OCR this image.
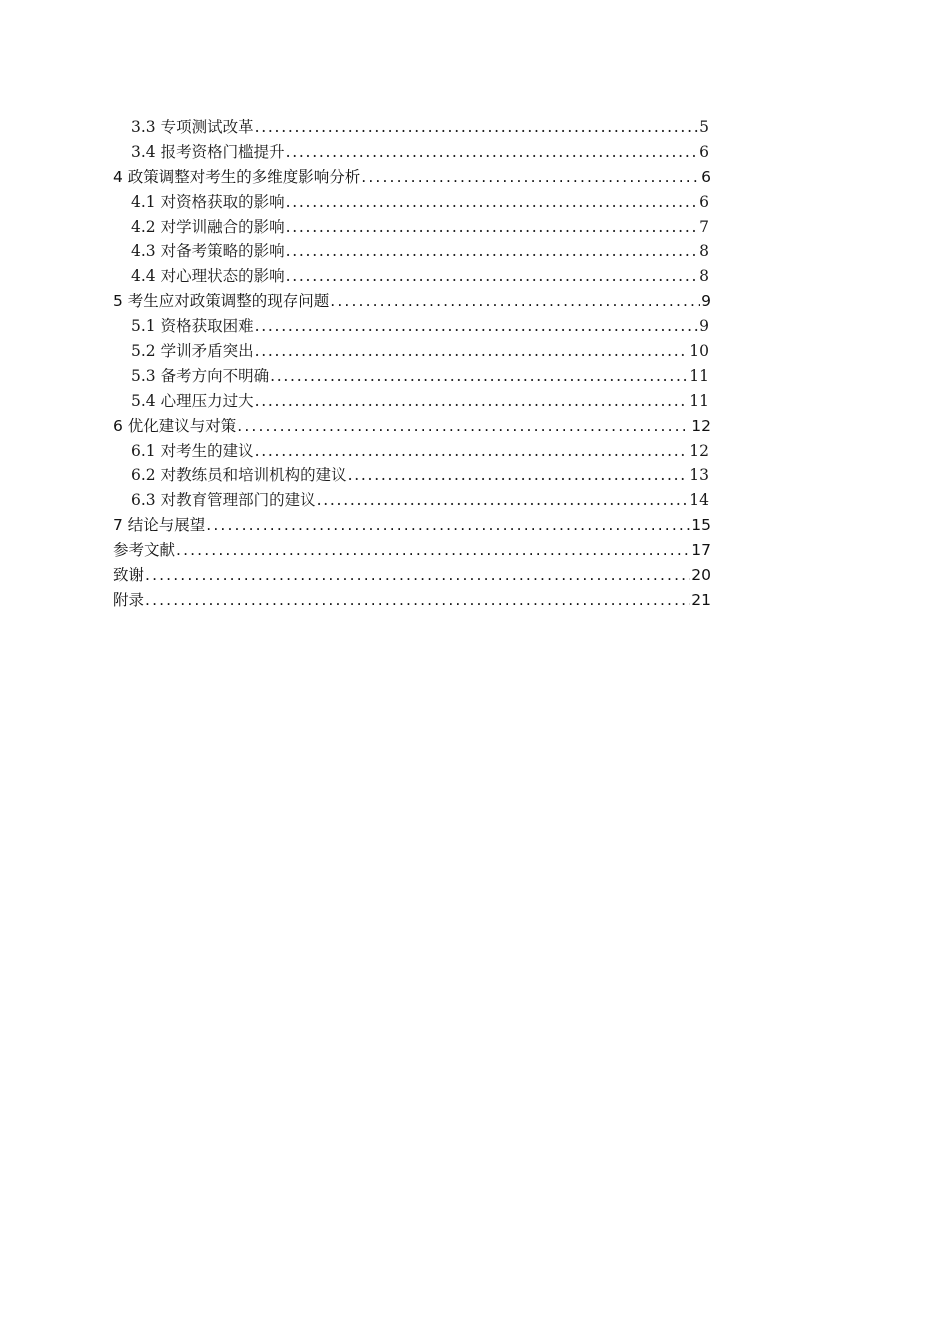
3.3 专项测试改革 . . .	5
3.4 报考资格门槛提升 . . .	6
4 政策调整对考生的多维度影响分析 . . .	6
4.1 对资格获取的影响 . . .	6
4.2 对学训融合的影响 . . .	7
4.3 对备考策略的影响 . . .	8
4.4 对心理状态的影响 . . .	8
5 考生应对政策调整的现存问题 . . .	9
5.1 资格获取困难 . . .	9
5.2 学训矛盾突出 . . .	10
5.3 备考方向不明确 . . .	11
5.4 心理压力过大 . . .	11
6 优化建议与对策 . . .	12
6.1 对考生的建议 . . .	12
6.2 对教练员和培训机构的建议 . . .	13
6.3 对教育管理部门的建议 . . .	14
7 结论与展望 . . .	15
参考文献 . . .	17
致谢 . . .	20
附录 . . .	21
